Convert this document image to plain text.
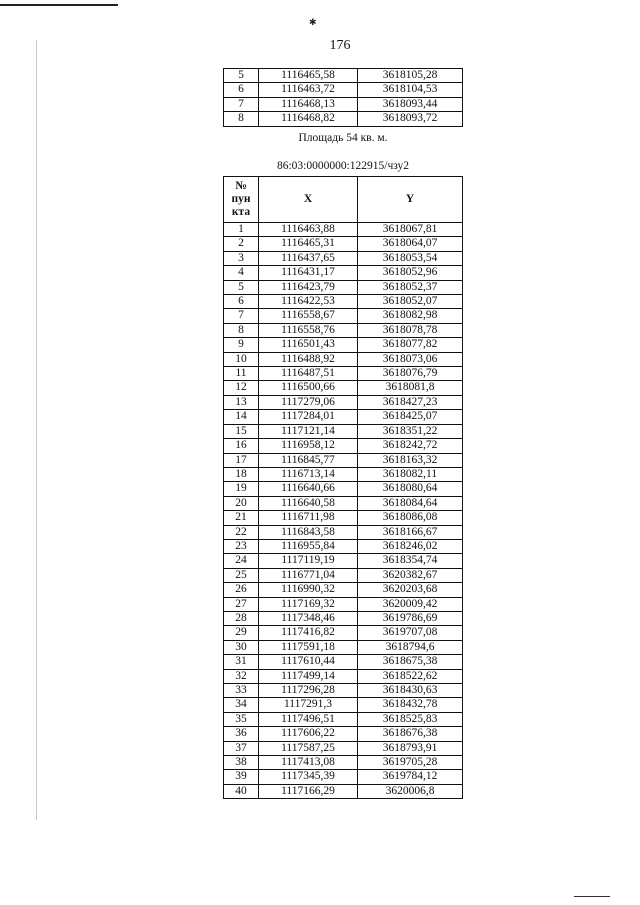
✱
176
5	1116465,58	3618105,28
6	1116463,72	3618104,53
7	1116468,13	3618093,44
8	1116468,82	3618093,72
Площадь 54 кв. м.
86:03:0000000:122915/чзу2
№
пун
кта	X	Y
1	1116463,88	3618067,81
2	1116465,31	3618064,07
3	1116437,65	3618053,54
4	1116431,17	3618052,96
5	1116423,79	3618052,37
6	1116422,53	3618052,07
7	1116558,67	3618082,98
8	1116558,76	3618078,78
9	1116501,43	3618077,82
10	1116488,92	3618073,06
11	1116487,51	3618076,79
12	1116500,66	3618081,8
13	1117279,06	3618427,23
14	1117284,01	3618425,07
15	1117121,14	3618351,22
16	1116958,12	3618242,72
17	1116845,77	3618163,32
18	1116713,14	3618082,11
19	1116640,66	3618080,64
20	1116640,58	3618084,64
21	1116711,98	3618086,08
22	1116843,58	3618166,67
23	1116955,84	3618246,02
24	1117119,19	3618354,74
25	1116771,04	3620382,67
26	1116990,32	3620203,68
27	1117169,32	3620009,42
28	1117348,46	3619786,69
29	1117416,82	3619707,08
30	1117591,18	3618794,6
31	1117610,44	3618675,38
32	1117499,14	3618522,62
33	1117296,28	3618430,63
34	1117291,3	3618432,78
35	1117496,51	3618525,83
36	1117606,22	3618676,38
37	1117587,25	3618793,91
38	1117413,08	3619705,28
39	1117345,39	3619784,12
40	1117166,29	3620006,8
